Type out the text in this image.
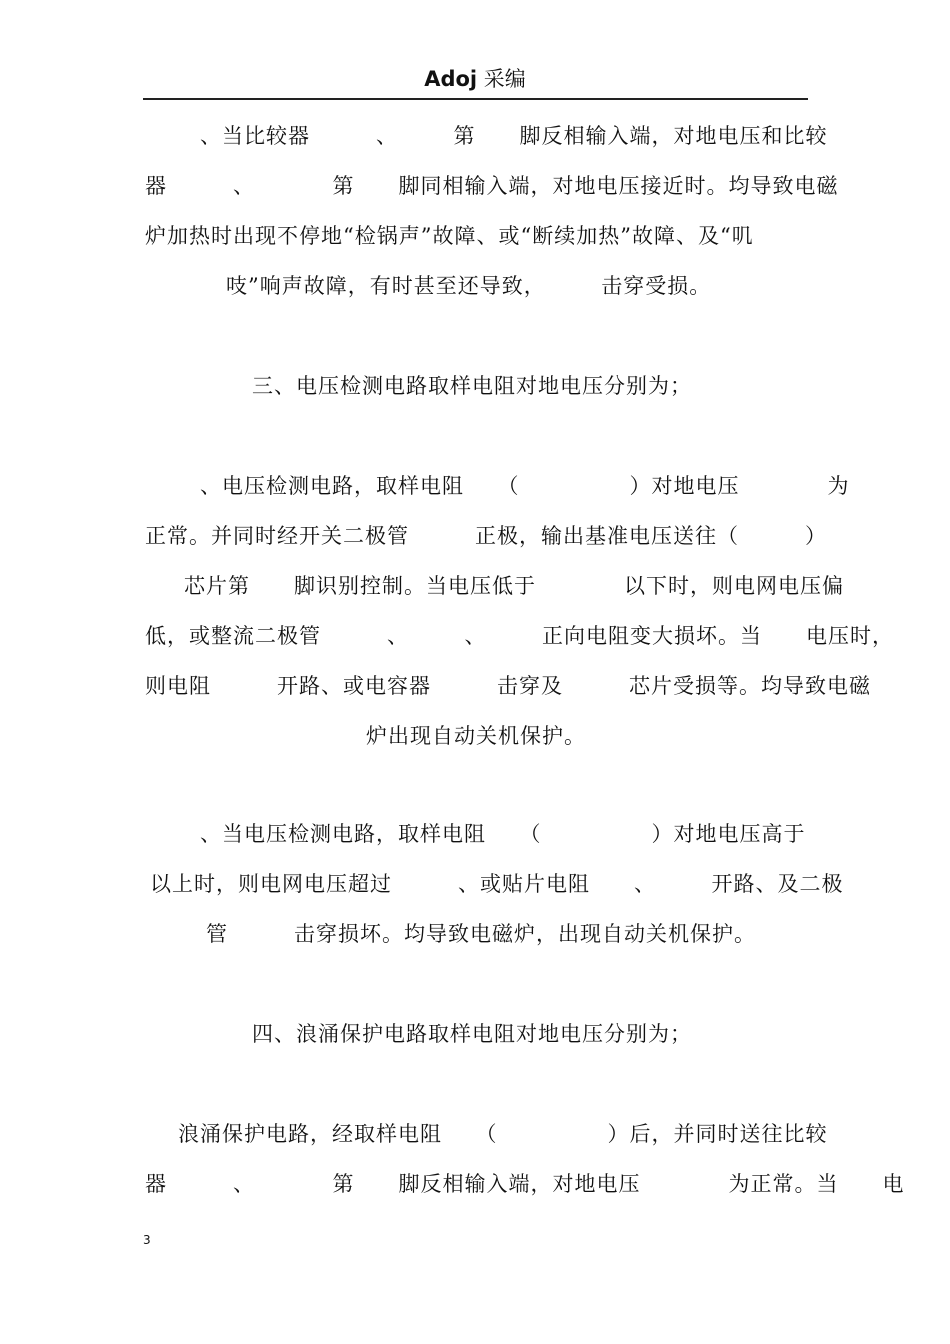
Adoj 采编
、当比较器　　　、　　　第　　脚反相输入端，对地电压和比较
器　　　、　　　　第　　脚同相输入端，对地电压接近时。均导致电磁
炉加热时出现不停地“检锅声”故障、或“断续加热”故障、及“叽
吱”响声故障，有时甚至还导致，　　　击穿受损。
三、电压检测电路取样电阻对地电压分别为；
、电压检测电路，取样电阻　　（　　　　　）对地电压　　　　为
正常。并同时经开关二极管　　　正极，输出基准电压送往（　　　）
芯片第　　脚识别控制。当电压低于　　　　以下时，则电网电压偏
低，或整流二极管　　　、　　　、　　　正向电阻变大损坏。当　　电压时，
则电阻　　　开路、或电容器　　　击穿及　　　芯片受损等。均导致电磁
炉出现自动关机保护。
、当电压检测电路，取样电阻　　（　　　　　）对地电压高于
以上时，则电网电压超过　　　、或贴片电阻　　、　　　开路、及二极
管　　　击穿损坏。均导致电磁炉，出现自动关机保护。
四、浪涌保护电路取样电阻对地电压分别为；
浪涌保护电路，经取样电阻　　（　　　　　）后，并同时送往比较
器　　　、　　　　第　　脚反相输入端，对地电压　　　　为正常。当　　电
3
